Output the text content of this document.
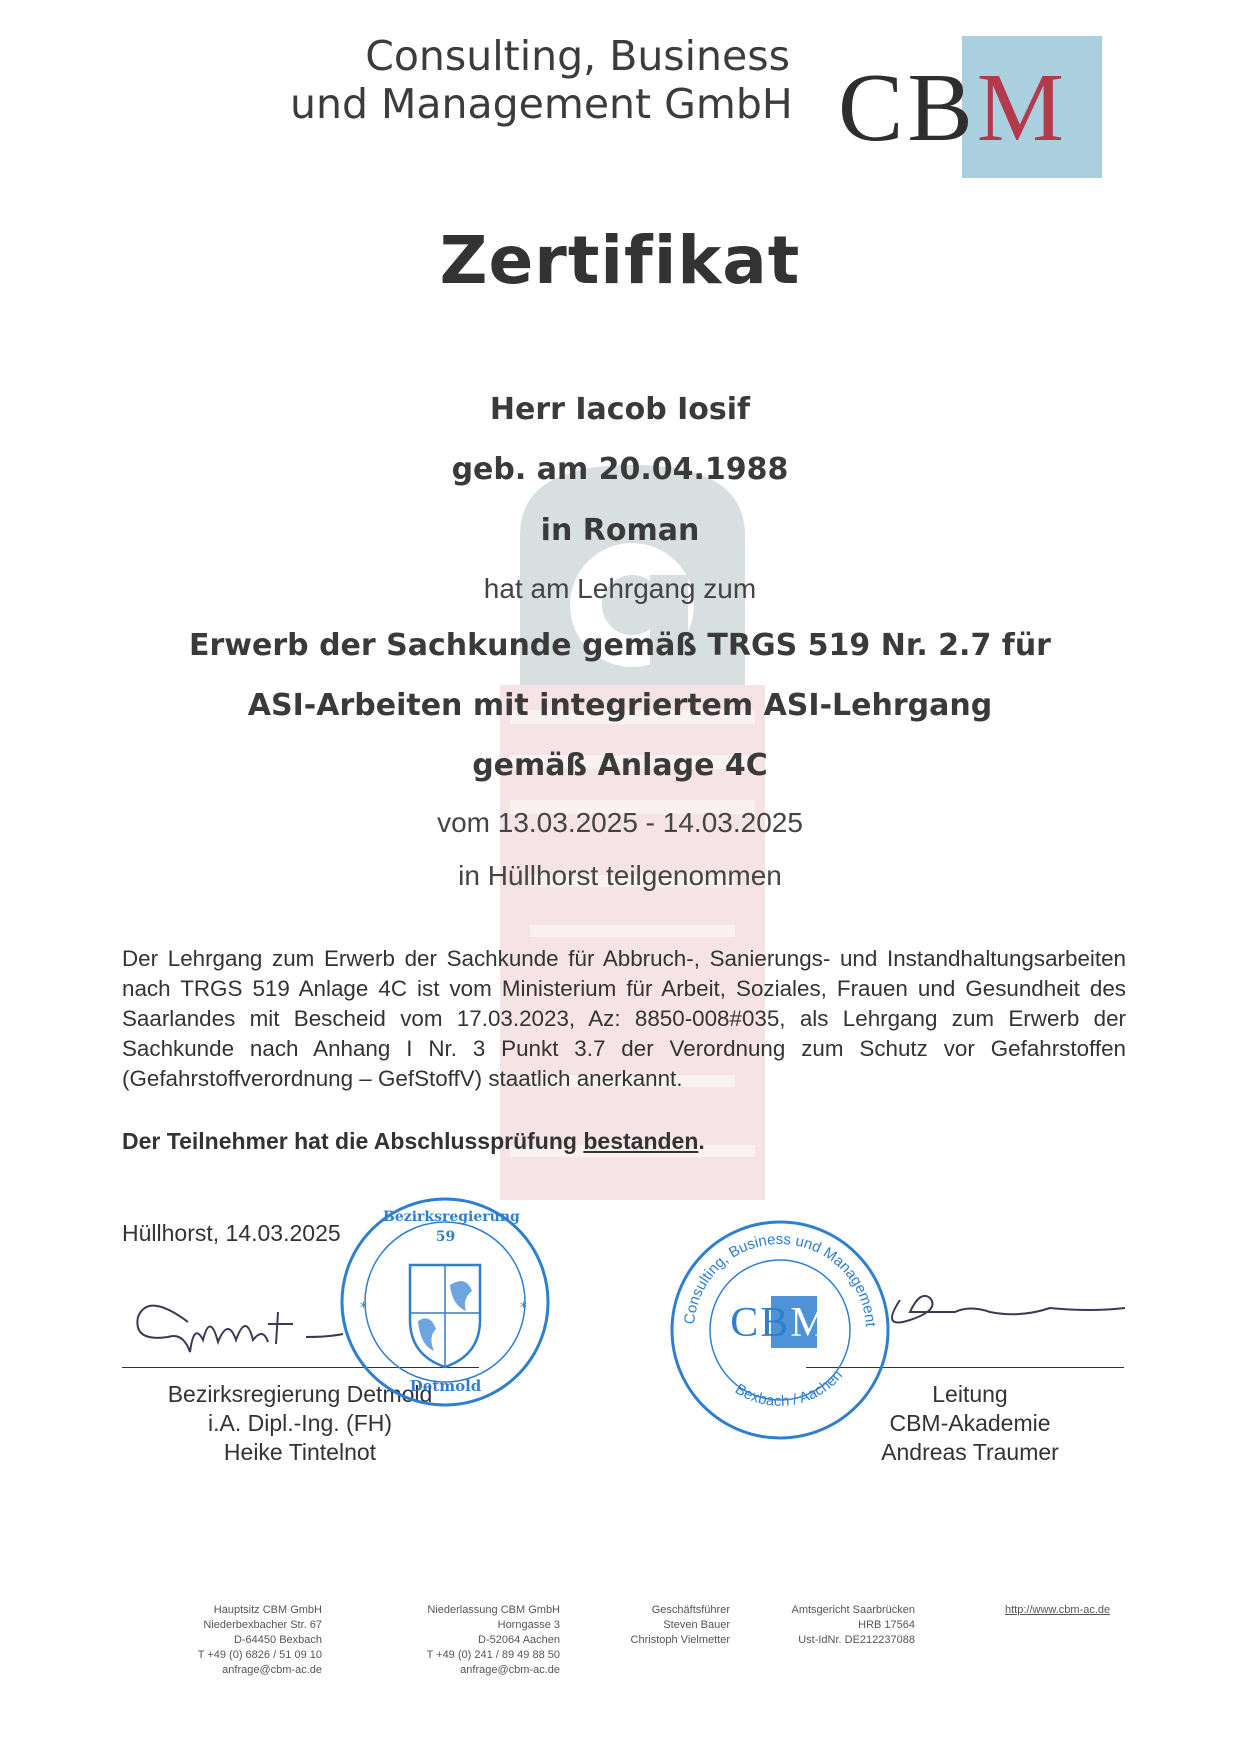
Consulting, Business
und Management GmbH CBM
Zertifikat
Herr Iacob Iosif
geb. am 20.04.1988
in Roman
hat am Lehrgang zum
Erwerb der Sachkunde gemäß TRGS 519 Nr. 2.7 für
ASI-Arbeiten mit integriertem ASI-Lehrgang
gemäß Anlage 4C
vom 13.03.2025 - 14.03.2025
in Hüllhorst teilgenommen
Der Lehrgang zum Erwerb der Sachkunde für Abbruch-, Sanierungs- und Instandhaltungsarbeiten nach TRGS 519 Anlage 4C ist vom Ministerium für Arbeit, Soziales, Frauen und Gesundheit des Saarlandes mit Bescheid vom 17.03.2023, Az: 8850-008#035, als Lehrgang zum Erwerb der Sachkunde nach Anhang I Nr. 3 Punkt 3.7 der Verordnung zum Schutz vor Gefahrstoffen (Gefahrstoffverordnung – GefStoffV) staatlich anerkannt.
Der Teilnehmer hat die Abschlussprüfung bestanden.
Hüllhorst, 14.03.2025
Bezirksregierung Detmold
i.A. Dipl.-Ing. (FH)
Heike Tintelnot
*	*
Bezirksregierung
59
Detmold	Leitung
CBM-Akademie
Andreas Traumer
Consulting, Business und Management
Bexbach / Aachen
CBM
Hauptsitz CBM GmbH
Niederbexbacher Str. 67
D-64450 Bexbach
T +49 (0) 6826 / 51 09 10
anfrage@cbm-ac.de
Niederlassung CBM GmbH
Horngasse 3
D-52064 Aachen
T +49 (0) 241 / 89 49 88 50
anfrage@cbm-ac.de
Geschäftsführer
Steven Bauer
Christoph Vielmetter
Amtsgericht Saarbrücken
HRB 17564
Ust-IdNr. DE212237088
http://www.cbm-ac.de
